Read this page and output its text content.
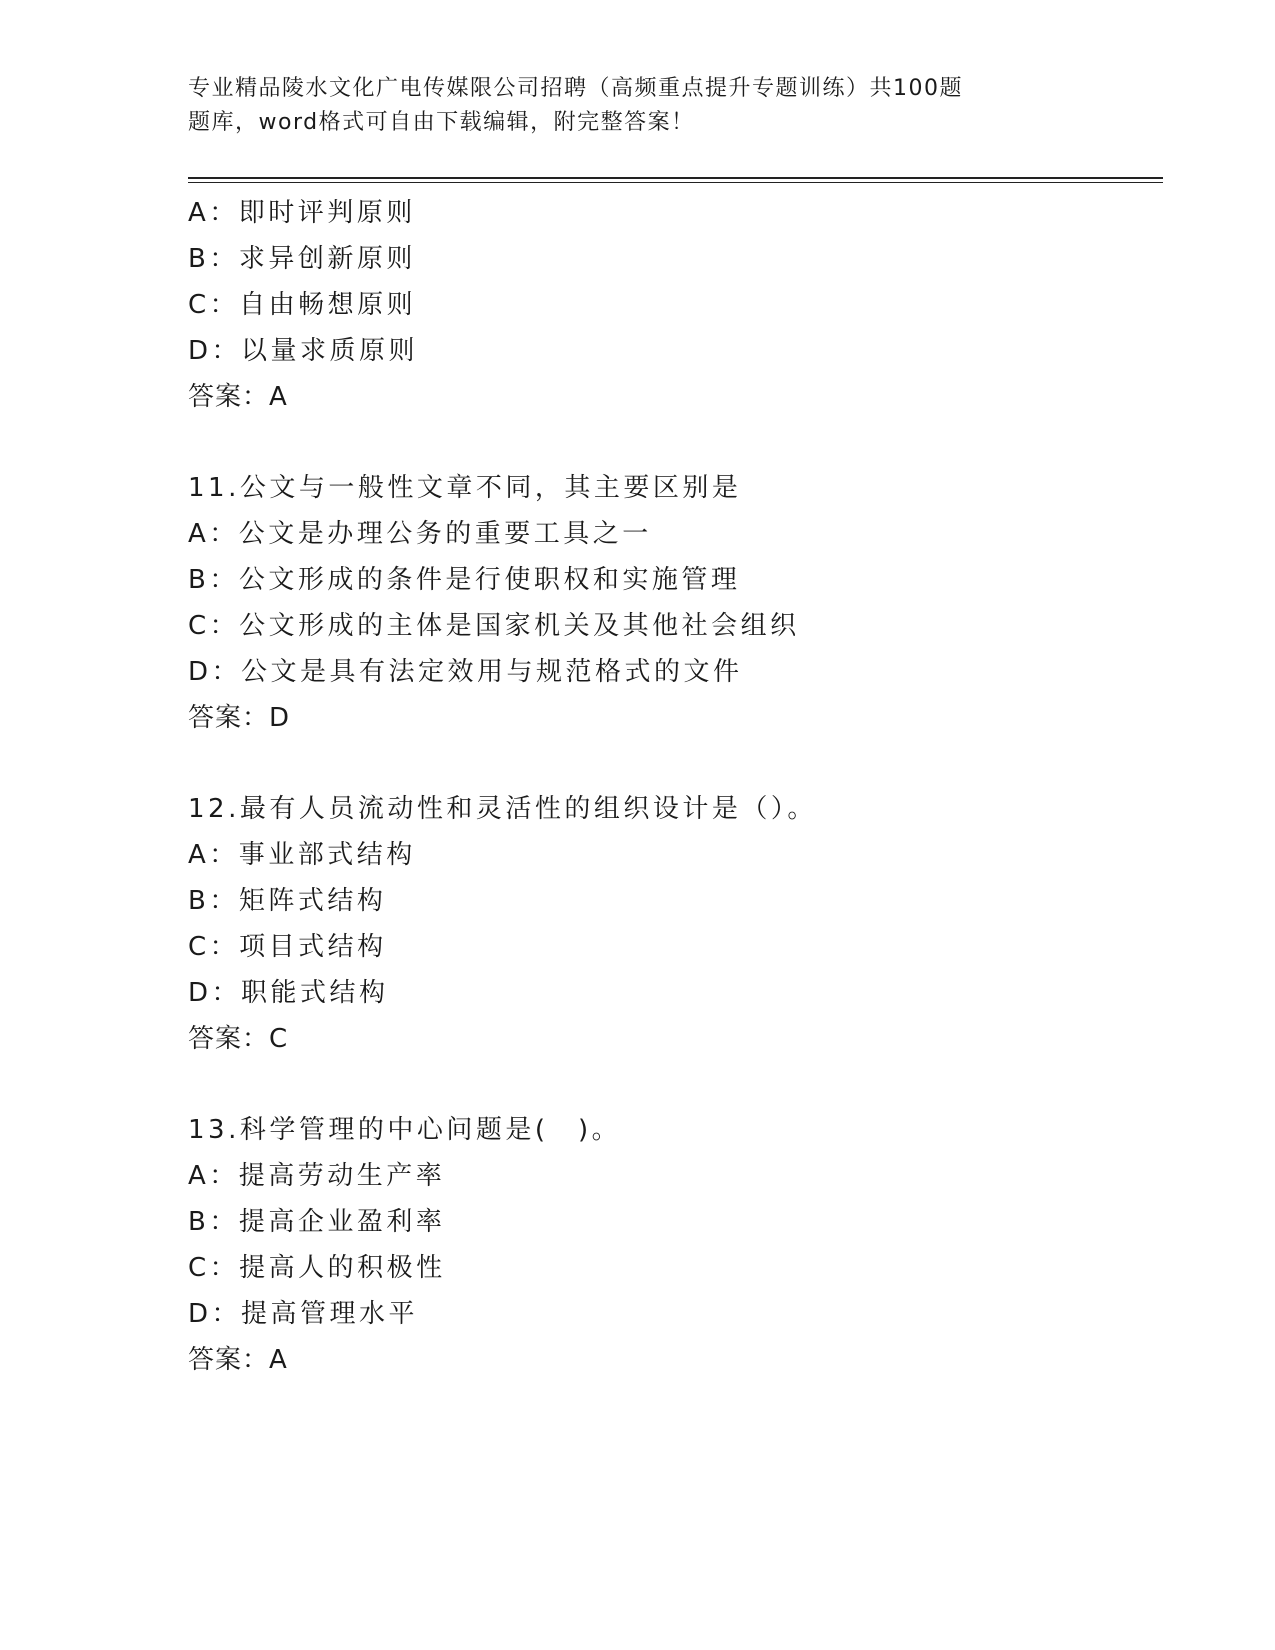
专业精品陵水文化广电传媒限公司招聘（高频重点提升专题训练）共100题
题库，word格式可自由下载编辑，附完整答案！
A：即时评判原则
B：求异创新原则
C：自由畅想原则
D：以量求质原则
答案：A
11.公文与一般性文章不同，其主要区别是
A：公文是办理公务的重要工具之一
B：公文形成的条件是行使职权和实施管理
C：公文形成的主体是国家机关及其他社会组织
D：公文是具有法定效用与规范格式的文件
答案：D
12.最有人员流动性和灵活性的组织设计是（）。
A：事业部式结构
B：矩阵式结构
C：项目式结构
D：职能式结构
答案：C
13.科学管理的中心问题是(　)。
A：提高劳动生产率
B：提高企业盈利率
C：提高人的积极性
D：提高管理水平
答案：A
